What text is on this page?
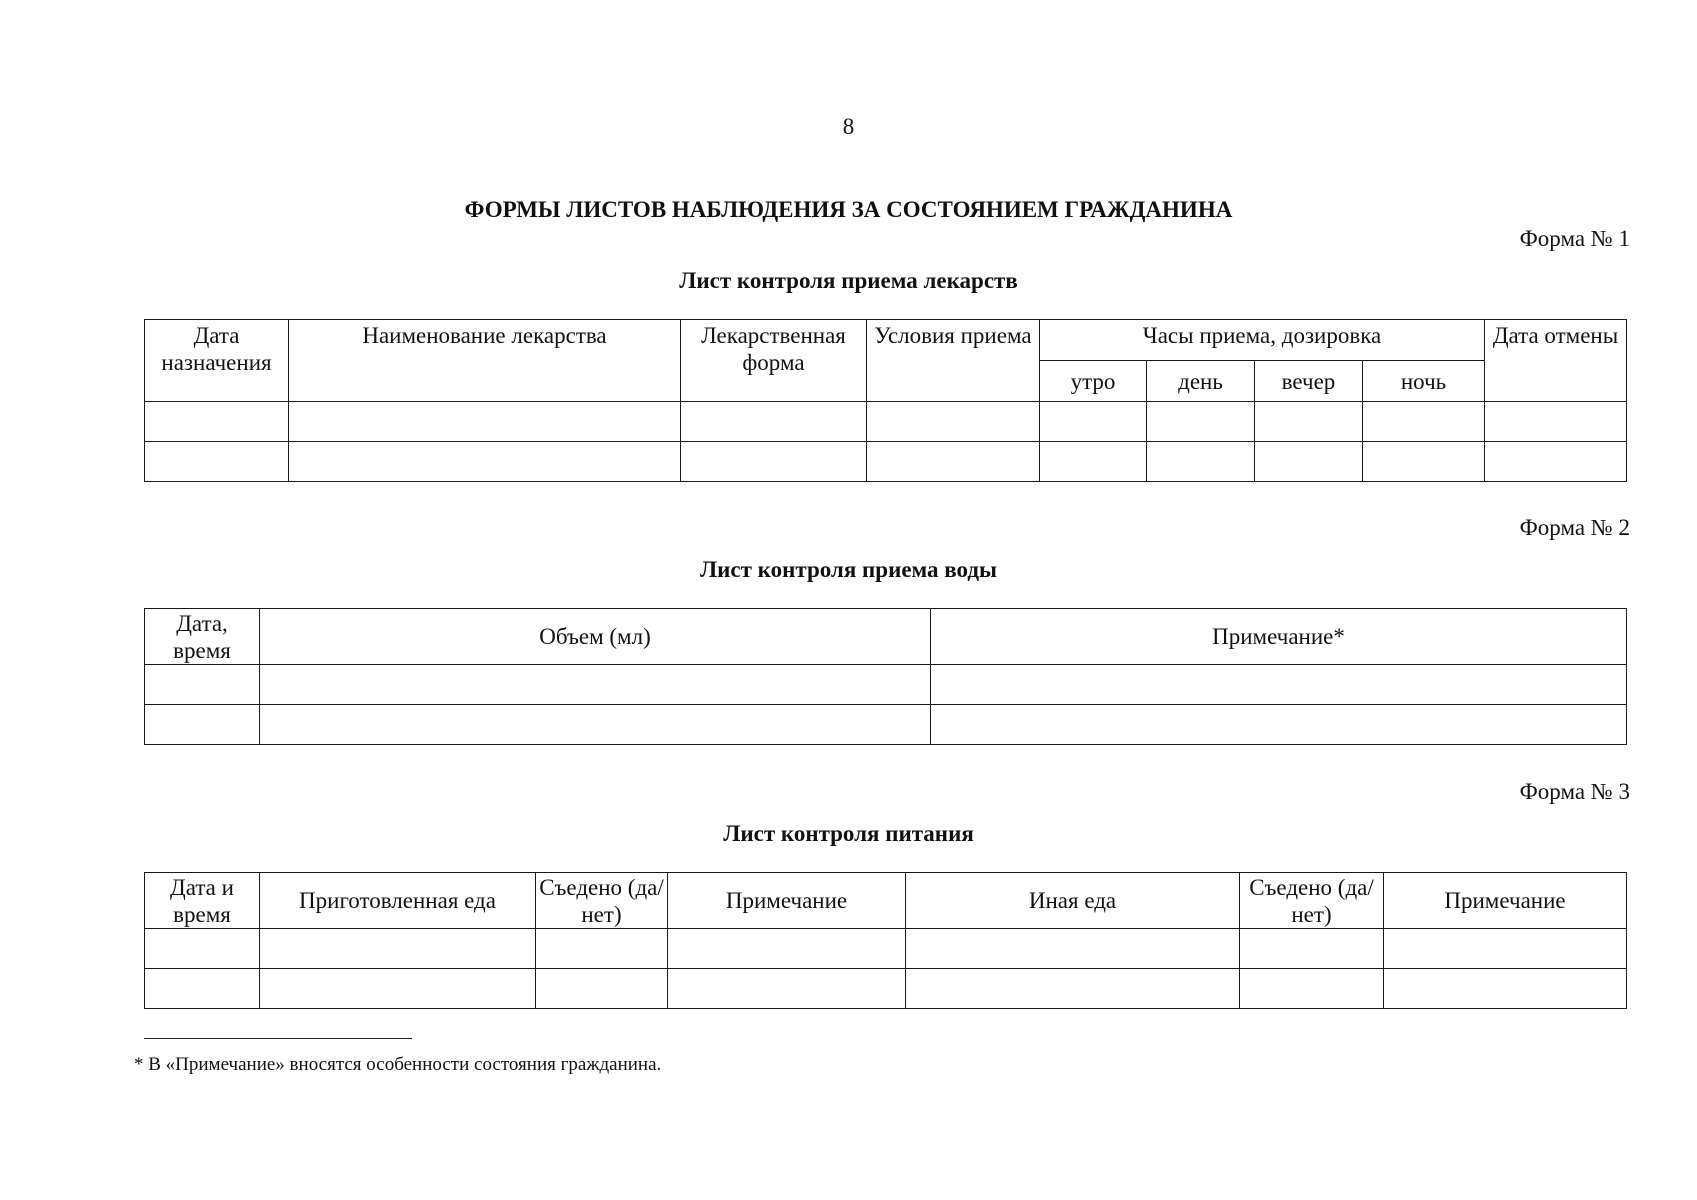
8
ФОРМЫ ЛИСТОВ НАБЛЮДЕНИЯ ЗА СОСТОЯНИЕМ ГРАЖДАНИНА
Форма № 1
Лист контроля приема лекарств
Дата назначения	Наименование лекарства	Лекарственная форма	Условия приема	Часы приема, дозировка				Дата отмены
				утро	день	вечер	ночь	

Форма № 2
Лист контроля приема воды
Дата, время	Объем (мл)	Примечание*

Форма № 3
Лист контроля питания
Дата и время	Приготовленная еда	Съедено (да/нет)	Примечание	Иная еда	Съедено (да/нет)	Примечание

* В «Примечание» вносятся особенности состояния гражданина.
